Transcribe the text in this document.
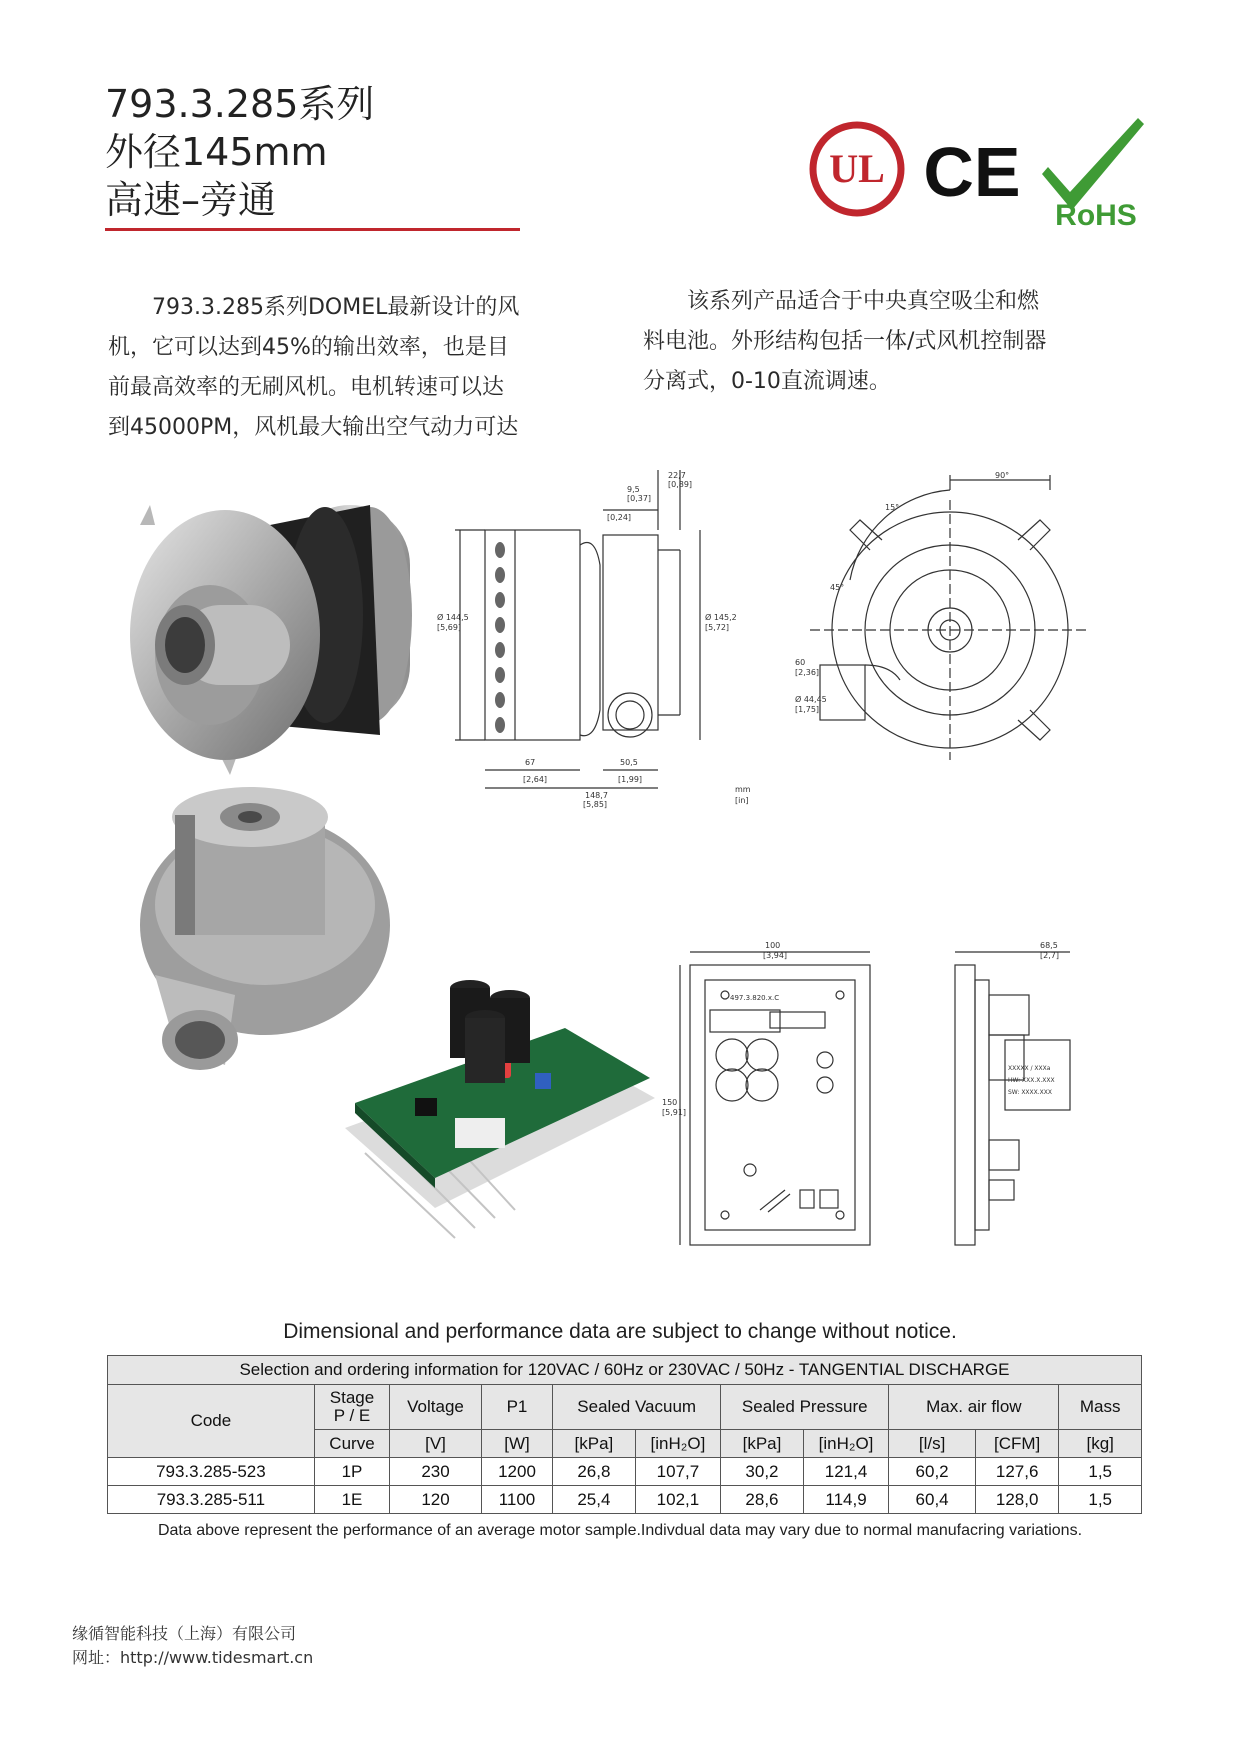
793.3.285系列
外径145mm
高速–旁通
UL CE
RoHS

　　793.3.285系列DOMEL最新设计的风

机，它可以达到45%的输出效率，也是目

前最高效率的无刷风机。电机转速可以达

到45000PM，风机最大输出空气动力可达

　　该系列产品适合于中央真空吸尘和燃

料电池。外形结构包括一体/式风机控制器

分离式，0-10直流调速。

22,7
[0,89]
9,5
[0,37]
[0,24]
Ø 144,5
[5,69]
Ø 145,2
[5,72]
67
[2,64]
50,5
[1,99]
148,7
[5,85]
mm
[in]
90°
15°
45°
60
[2,36]
Ø 44,45
[1,75]
100
[3,94]
150
[5,91]
497.3.820.x.C
68,5
[2,7]
XXXXX / XXXa
HW: XXX.X.XXX
SW: XXXX.XXX
Dimensional and performance data are subject to change without notice.
Selection and ordering information for 120VAC / 60Hz or 230VAC / 50Hz - TANGENTIAL DISCHARGE										
Code	Stage
P / E	Voltage	P1	Sealed Vacuum		Sealed Pressure		Max. air flow		Mass
	Curve	[V]	[W]	[kPa]	[inH₂O]	[kPa]	[inH₂O]	[l/s]	[CFM]	[kg]
793.3.285-523	1P	230	1200	26,8	107,7	30,2	121,4	60,2	127,6	1,5
793.3.285-511	1E	120	1100	25,4	102,1	28,6	114,9	60,4	128,0	1,5
Data above represent the performance of an average motor sample.Indivdual data may vary due to normal manufacring variations.
缘循智能科技（上海）有限公司
网址：http://www.tidesmart.cn
